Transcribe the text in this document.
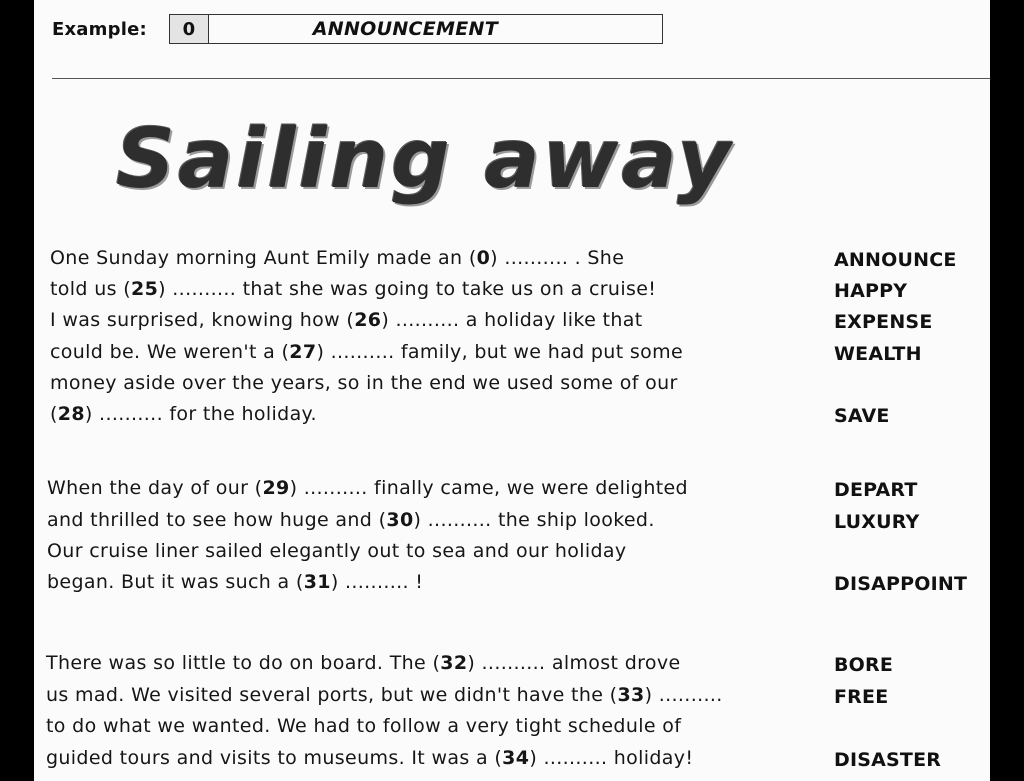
Example:	0	ANNOUNCEMENT
Sailing away
One Sunday morning Aunt Emily made an (0) .......... . She	ANNOUNCE
told us (25) .......... that she was going to take us on a cruise!	HAPPY
I was surprised, knowing how (26) .......... a holiday like that	EXPENSE
could be. We weren't a (27) .......... family, but we had put some	WEALTH
money aside over the years, so in the end we used some of our
(28) .......... for the holiday.	SAVE
When the day of our (29) .......... finally came, we were delighted	DEPART
and thrilled to see how huge and (30) .......... the ship looked.	LUXURY
Our cruise liner sailed elegantly out to sea and our holiday
began. But it was such a (31) .......... !	DISAPPOINT
There was so little to do on board. The (32) .......... almost drove	BORE
us mad. We visited several ports, but we didn't have the (33) ..........	FREE
to do what we wanted. We had to follow a very tight schedule of
guided tours and visits to museums. It was a (34) .......... holiday!	DISASTER
